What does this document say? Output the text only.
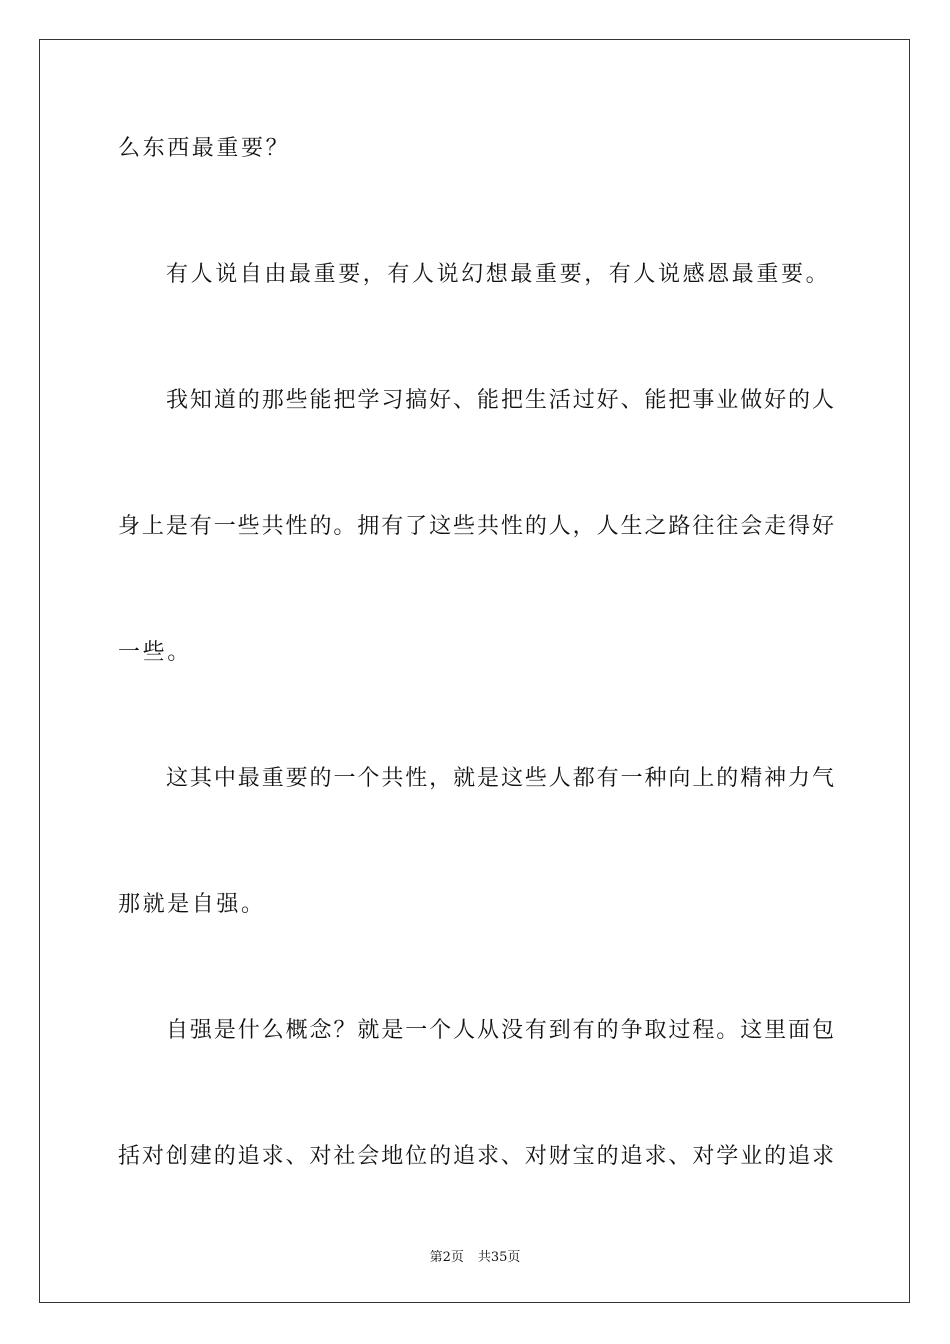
么东西最重要？
有人说自由最重要，有人说幻想最重要，有人说感恩最重要。
我知道的那些能把学习搞好、能把生活过好、能把事业做好的人
身上是有一些共性的。拥有了这些共性的人，人生之路往往会走得好
一些。
这其中最重要的一个共性，就是这些人都有一种向上的精神力气
那就是自强。
自强是什么概念？就是一个人从没有到有的争取过程。这里面包
括对创建的追求、对社会地位的追求、对财宝的追求、对学业的追求
第2页 共35页
